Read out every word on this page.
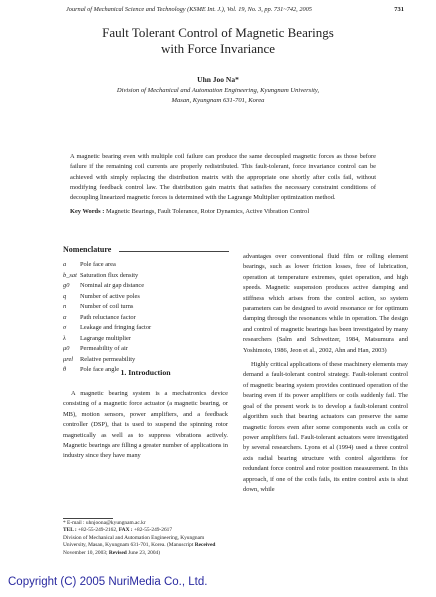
Journal of Mechanical Science and Technology (KSME Int. J.), Vol. 19, No. 3, pp. 731~742, 2005	731
Fault Tolerant Control of Magnetic Bearings
with Force Invariance
Uhn Joo Na*
Division of Mechanical and Automation Engineering, Kyungnam University,
Masan, Kyungnam 631-701, Korea
A magnetic bearing even with multiple coil failure can produce the same decoupled magnetic forces as those before failure if the remaining coil currents are properly redistributed. This fault-tolerant, force invariance control can be achieved with simply replacing the distribution matrix with the appropriate one shortly after coils fail, without modifying feedback control law. The distribution gain matrix that satisfies the necessary constraint conditions of decoupling linearized magnetic forces is determined with the Lagrange Multiplier optimization method.
Key Words : Magnetic Bearings, Fault Tolerance, Rotor Dynamics, Active Vibration Control
Nomenclature
a	Pole face area
b_sat Saturation flux density
g0	Nominal air gap distance
q	Number of active poles
n	Number of coil turns
α	Path reluctance factor
σ	Leakage and fringing factor
λ	Lagrange multiplier
μ0	Permeability of air
μrel	Relative permeability
θ	Pole face angle 1. Introduction

A magnetic bearing system is a mechatronics device consisting of a magnetic force actuator (a magnetic bearing, or MB), motion sensors, power amplifiers, and a feedback controller (DSP), that is used to suspend the spinning rotor magnetically as well as to suppress vibrations actively. Magnetic bearings are filling a greater number of applications in industry since they have many

* E-mail : uhnjoona@kyungnam.ac.kr
TEL : +82-55-249-2162, FAX : +82-55-249-2617
Division of Mechanical and Automation Engineering, Kyungnam University, Masan, Kyungnam 631-701, Korea. (Manuscript Received November 10, 2003; Revised June 23, 2004)

advantages over conventional fluid film or rolling element bearings, such as lower friction losses, free of lubrication, operation at temperature extremes, quiet operation, and high speeds. Magnetic suspension produces active damping and stiffness which arises from the control action, so system parameters can be designed to avoid resonance or for optimum damping through the resonances while in operation. The design and control of magnetic bearings has been investigated by many researchers (Salm and Schweitzer, 1984, Matsumura and Yoshimoto, 1986, Jeon et al., 2002, Ahn and Han, 2003)

Highly critical applications of these machinery elements may demand a fault-tolerant control strategy. Fault-tolerant control of magnetic bearing system provides continued operation of the bearing even if its power amplifiers or coils suddenly fail. The goal of the present work is to develop a fault-tolerant control algorithm such that bearing actuators can preserve the same magnetic forces even after some components such as coils or power amplifiers fail. Fault-tolerant actuators were investigated by several researchers. Lyons et al (1994) used a three control axis radial bearing structure with control algorithms for redundant force control and rotor position measurement. In this approach, if one of the coils fails, its entire control axis is shut down, while

Copyright (C) 2005 NuriMedia Co., Ltd.
